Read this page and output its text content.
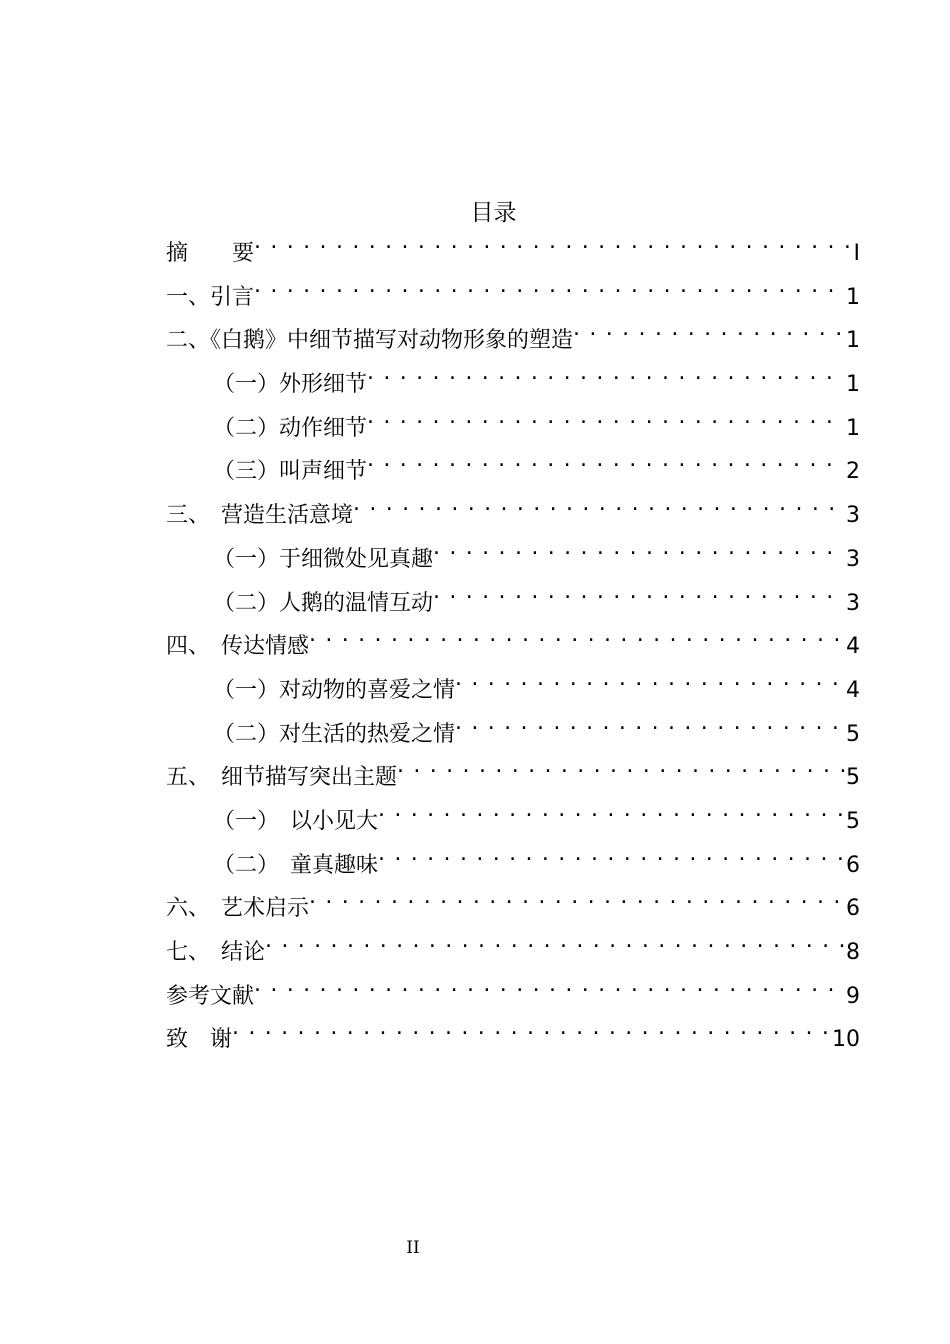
目录
摘　　要 . . .	I
一、引言 . . .	1
二、《白鹅》中细节描写对动物形象的塑造 . . .	1
（一）外形细节 . . .	1
（二）动作细节 . . .	1
（三）叫声细节 . . .	2
三、　营造生活意境 . . .	3
（一）于细微处见真趣 . . .	3
（二）人鹅的温情互动 . . .	3
四、　传达情感 . . .	4
（一）对动物的喜爱之情 . . .	4
（二）对生活的热爱之情 . . .	5
五、　细节描写突出主题 . . .	5
（一）　以小见大 . . .	5
（二）　童真趣味 . . .	6
六、　艺术启示 . . .	6
七、　结论 . . .	8
参考文献 . . .	9
致　谢 . . .	10
II
